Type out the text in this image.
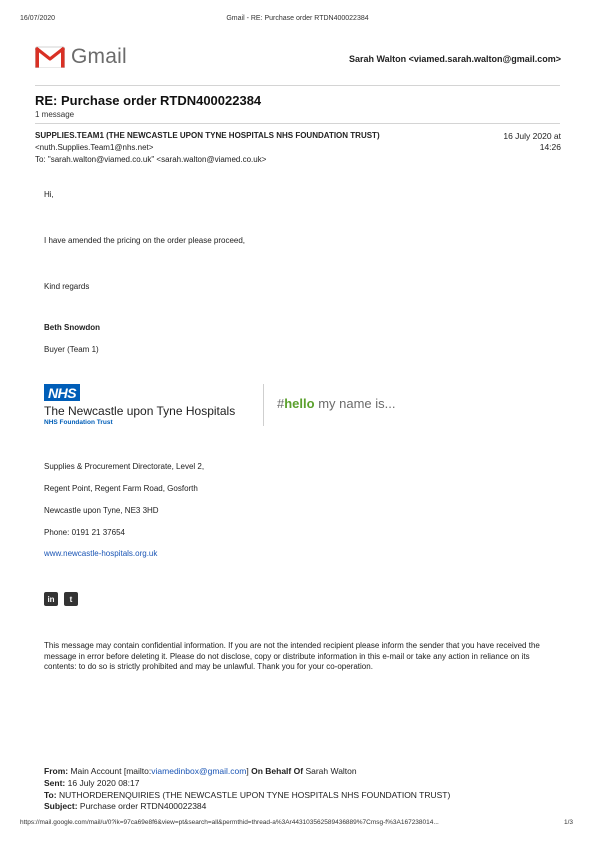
16/07/2020	Gmail - RE: Purchase order RTDN400022384
Gmail	Sarah Walton <viamed.sarah.walton@gmail.com>
RE: Purchase order RTDN400022384
1 message
SUPPLIES.TEAM1 (THE NEWCASTLE UPON TYNE HOSPITALS NHS FOUNDATION TRUST)
<nuth.Supplies.Team1@nhs.net>
To: "sarah.walton@viamed.co.uk" <sarah.walton@viamed.co.uk>
16 July 2020 at
14:26
Hi,
I have amended the pricing on the order please proceed,
Kind regards
Beth Snowdon
Buyer (Team 1)
NHS
The Newcastle upon Tyne Hospitals
NHS Foundation Trust
#hello my name is...
Supplies & Procurement Directorate, Level 2,
Regent Point, Regent Farm Road, Gosforth
Newcastle upon Tyne, NE3 3HD
Phone: 0191 21 37654
www.newcastle-hospitals.org.uk
in	t
This message may contain confidential information. If you are not the intended recipient please inform the sender that you have received the message in error before deleting it. Please do not disclose, copy or distribute information in this e-mail or take any action in reliance on its contents: to do so is strictly prohibited and may be unlawful. Thank you for your co-operation.
From: Main Account [mailto:viamedinbox@gmail.com] On Behalf Of Sarah Walton
Sent: 16 July 2020 08:17
To: NUTHORDERENQUIRIES (THE NEWCASTLE UPON TYNE HOSPITALS NHS FOUNDATION TRUST)
Subject: Purchase order RTDN400022384
https://mail.google.com/mail/u/0?ik=97ca69e8f6&view=pt&search=all&permthid=thread-a%3Ar4431035625894368​89%7Cmsg-f%3A167238014...	1/3
